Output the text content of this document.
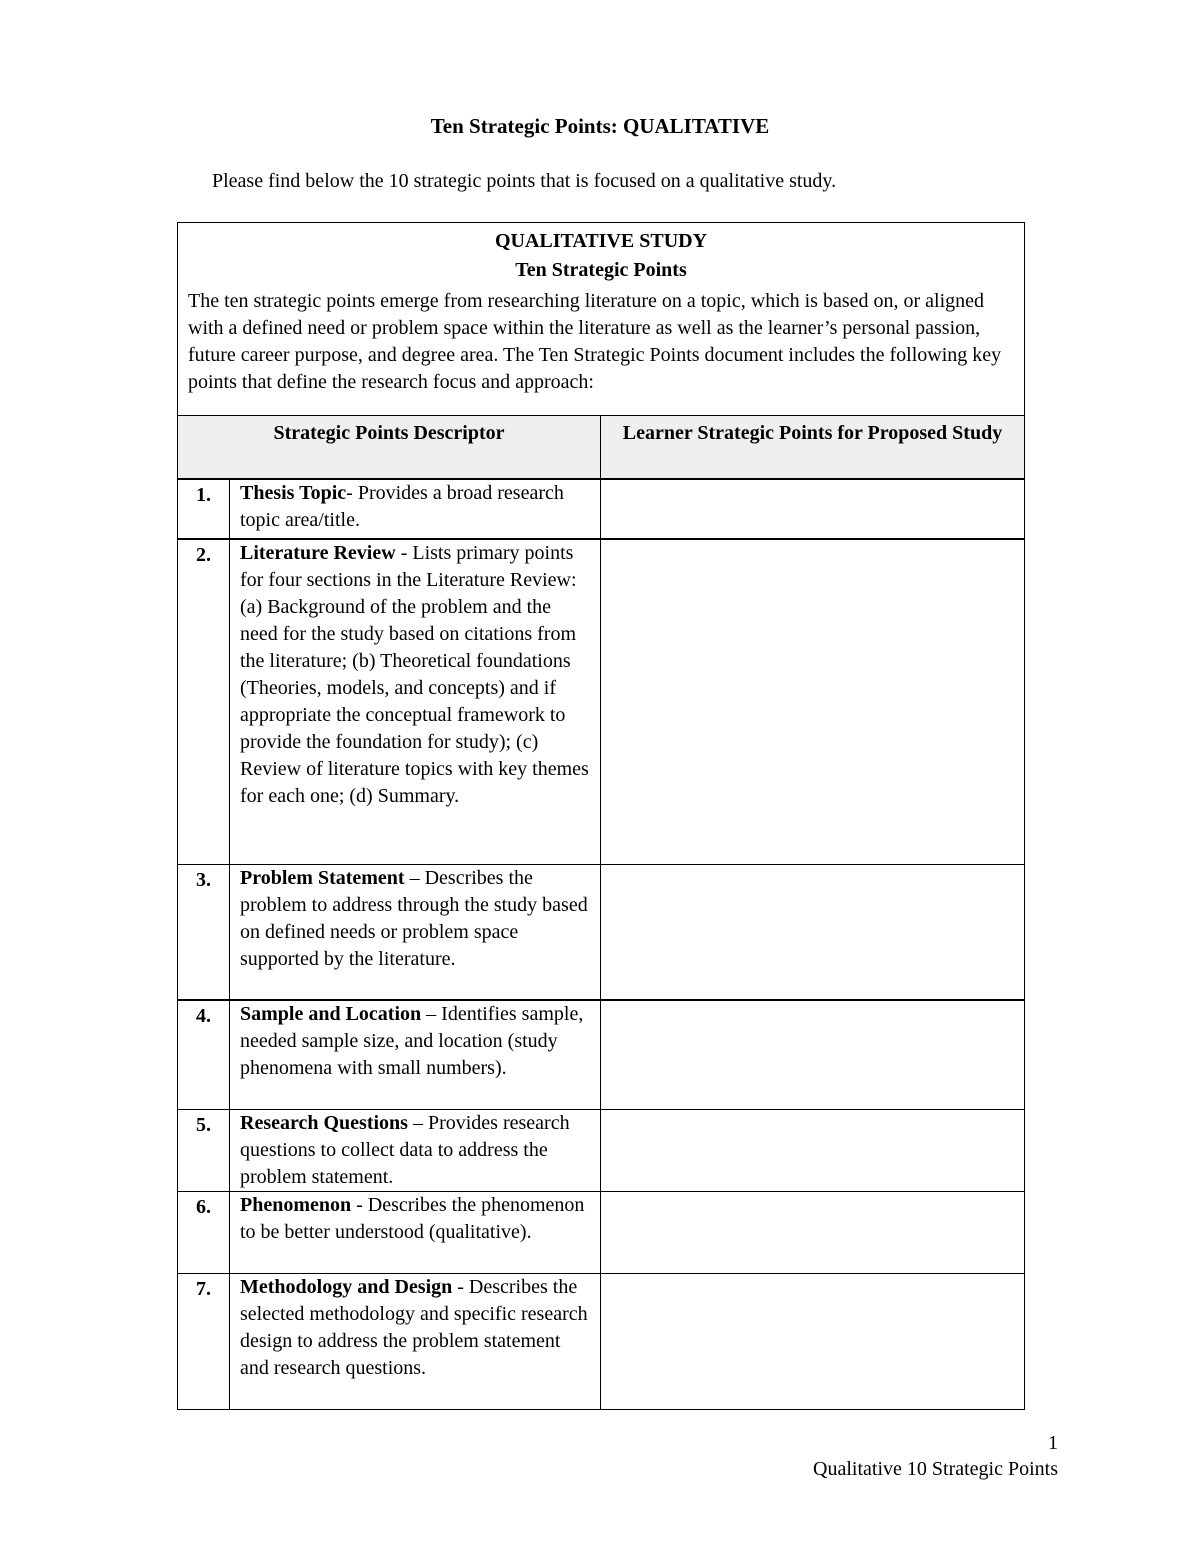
Ten Strategic Points: QUALITATIVE

Please find below the 10 strategic points that is focused on a qualitative study.

QUALITATIVE STUDY
Ten Strategic Points
The ten strategic points emerge from researching literature on a topic, which is based on, or aligned with a defined need or problem space within the literature as well as the learner’s personal passion, future career purpose, and degree area. The Ten Strategic Points document includes the following key points that define the research focus and approach:		

Strategic Points Descriptor		Learner Strategic Points for Proposed Study
1.	Thesis Topic- Provides a broad research topic area/title.	
2.	Literature Review - Lists primary points for four sections in the Literature Review: (a) Background of the problem and the need for the study based on citations from the literature; (b) Theoretical foundations (Theories, models, and concepts) and if appropriate the conceptual framework to provide the foundation for study); (c) Review of literature topics with key themes for each one; (d) Summary.	
3.	Problem Statement – Describes the problem to address through the study based on defined needs or problem space supported by the literature.	
4.	Sample and Location – Identifies sample, needed sample size, and location (study phenomena with small numbers).	
5.	Research Questions – Provides research questions to collect data to address the problem statement.	
6.	Phenomenon - Describes the phenomenon to be better understood (qualitative).	
7.	Methodology and Design - Describes the selected methodology and specific research design to address the problem statement and research questions.	
1
Qualitative 10 Strategic Points
